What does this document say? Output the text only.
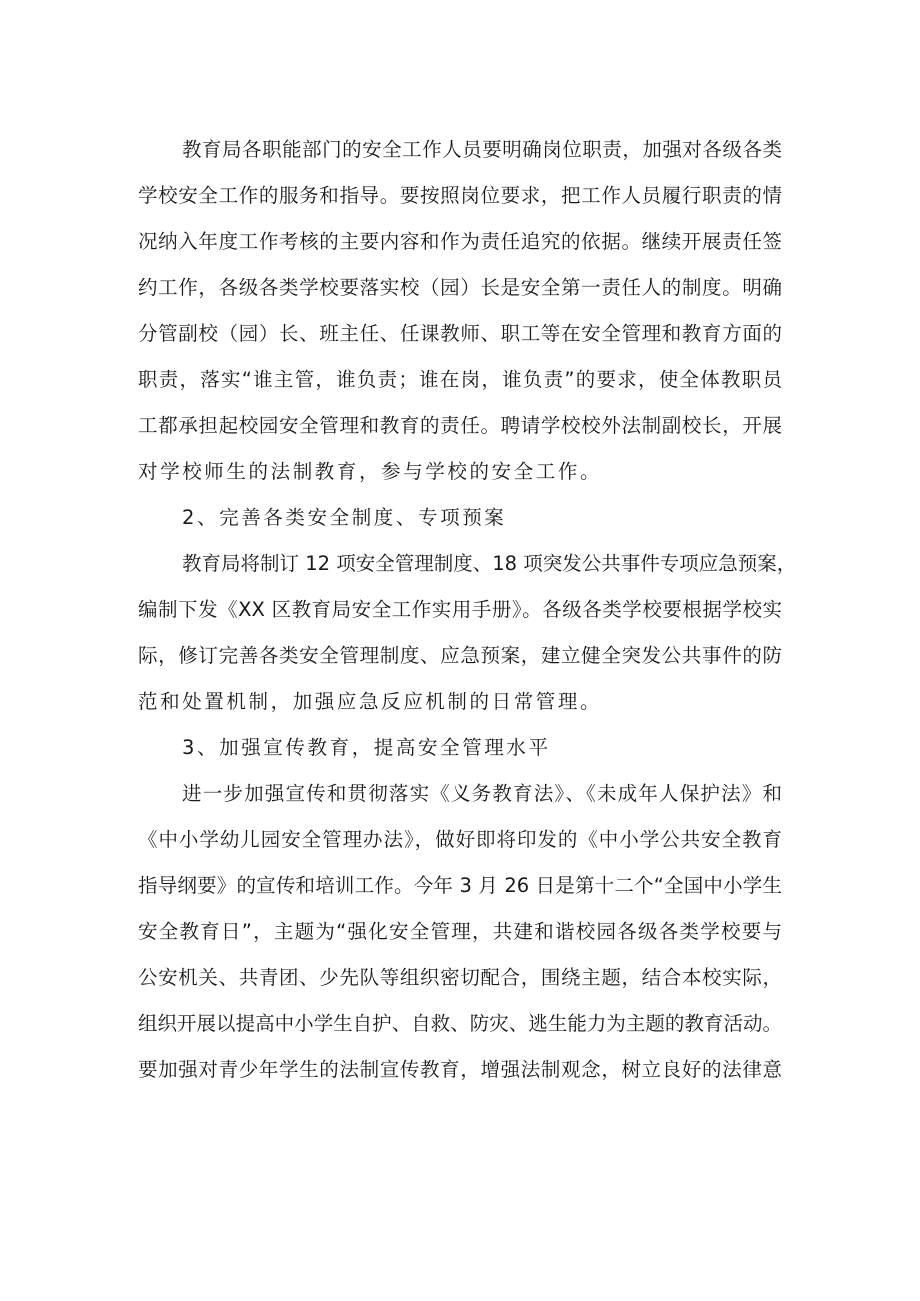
教育局各职能部门的安全工作人员要明确岗位职责，加强对各级各类
学校安全工作的服务和指导。要按照岗位要求，把工作人员履行职责的情
况纳入年度工作考核的主要内容和作为责任追究的依据。继续开展责任签
约工作，各级各类学校要落实校（园）长是安全第一责任人的制度。明确
分管副校（园）长、班主任、任课教师、职工等在安全管理和教育方面的
职责，落实“谁主管，谁负责；谁在岗，谁负责”的要求，使全体教职员
工都承担起校园安全管理和教育的责任。聘请学校校外法制副校长，开展
对学校师生的法制教育，参与学校的安全工作。
2、完善各类安全制度、专项预案
教育局将制订 12 项安全管理制度、18 项突发公共事件专项应急预案，
编制下发《XX 区教育局安全工作实用手册》。各级各类学校要根据学校实
际，修订完善各类安全管理制度、应急预案，建立健全突发公共事件的防
范和处置机制，加强应急反应机制的日常管理。
3、加强宣传教育，提高安全管理水平
进一步加强宣传和贯彻落实《义务教育法》、《未成年人保护法》和
《中小学幼儿园安全管理办法》，做好即将印发的《中小学公共安全教育
指导纲要》的宣传和培训工作。今年 3 月 26 日是第十二个“全国中小学生
安全教育日”，主题为“强化安全管理，共建和谐校园各级各类学校要与
公安机关、共青团、少先队等组织密切配合，围绕主题，结合本校实际，
组织开展以提高中小学生自护、自救、防灾、逃生能力为主题的教育活动。
要加强对青少年学生的法制宣传教育，增强法制观念，树立良好的法律意
